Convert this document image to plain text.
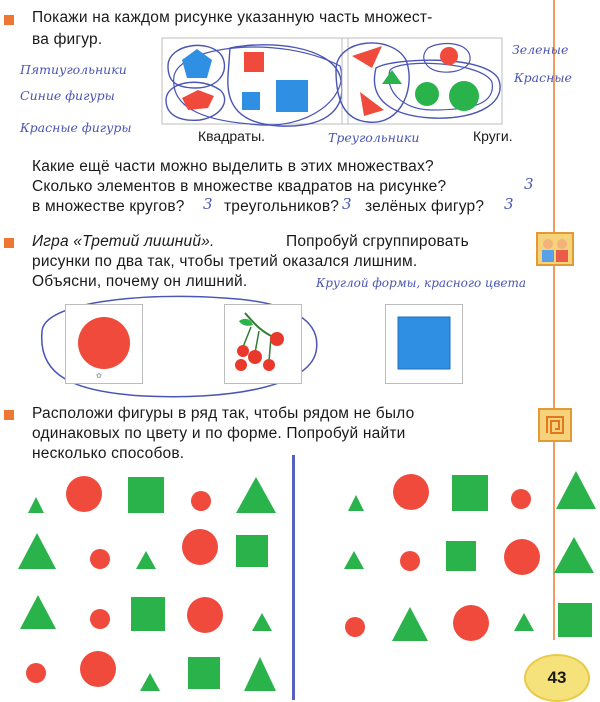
Покажи на каждом рисунке указанную часть множест-
ва фигур.
Квадраты.	Круги.
Пятиугольники
Синие фигуры
Красные фигуры
Зеленые
Красные
Треугольники
Какие ещё части можно выделить в этих множествах?
Сколько элементов в множестве квадратов на рисунке?	3
в множестве кругов? 3 треугольников? 3 зелёных фигур? 3
Игра «Третий лишний».	Попробуй сгруппировать
рисунки по два так, чтобы третий оказался лишним.
Объясни, почему он лишний.	Круглой формы, красного цвета
✿
Расположи фигуры в ряд так, чтобы рядом не было
одинаковых по цвету и по форме. Попробуй найти
несколько способов.
43
